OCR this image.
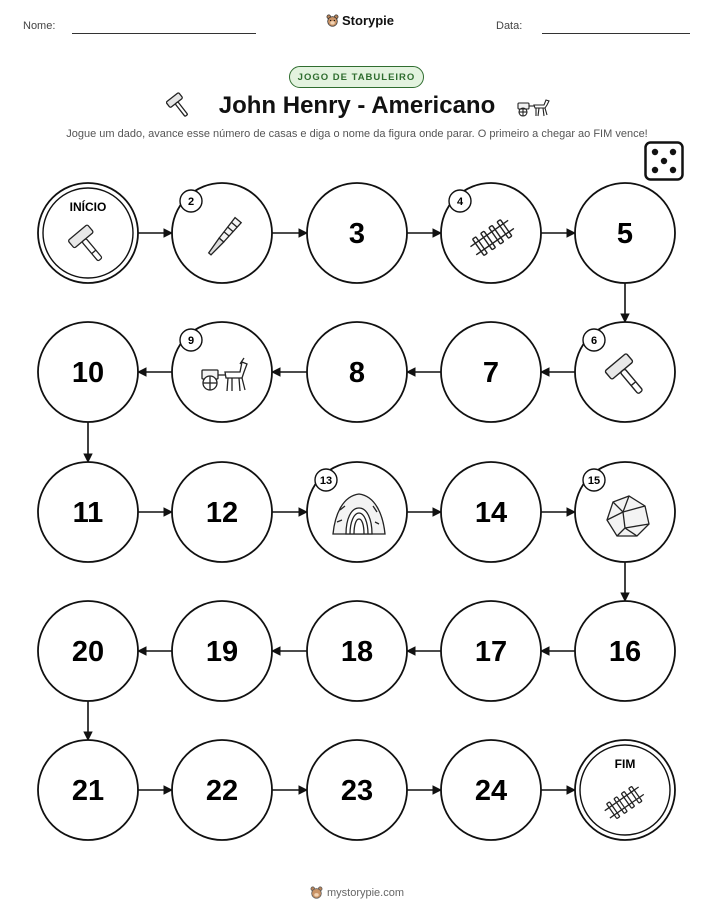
Nome:	Storypie	Data:
JOGO DE TABULEIRO
John Henry - Americano
Jogue um dado, avance esse número de casas e diga o nome da figura onde parar. O primeiro a chegar ao FIM vence!
INÍCIO	2
3
4
5
6
7
8
9
10
11	12
13
14
15
16
17
18
19
20
21	22	23	24
FIM
mystorypie.com
